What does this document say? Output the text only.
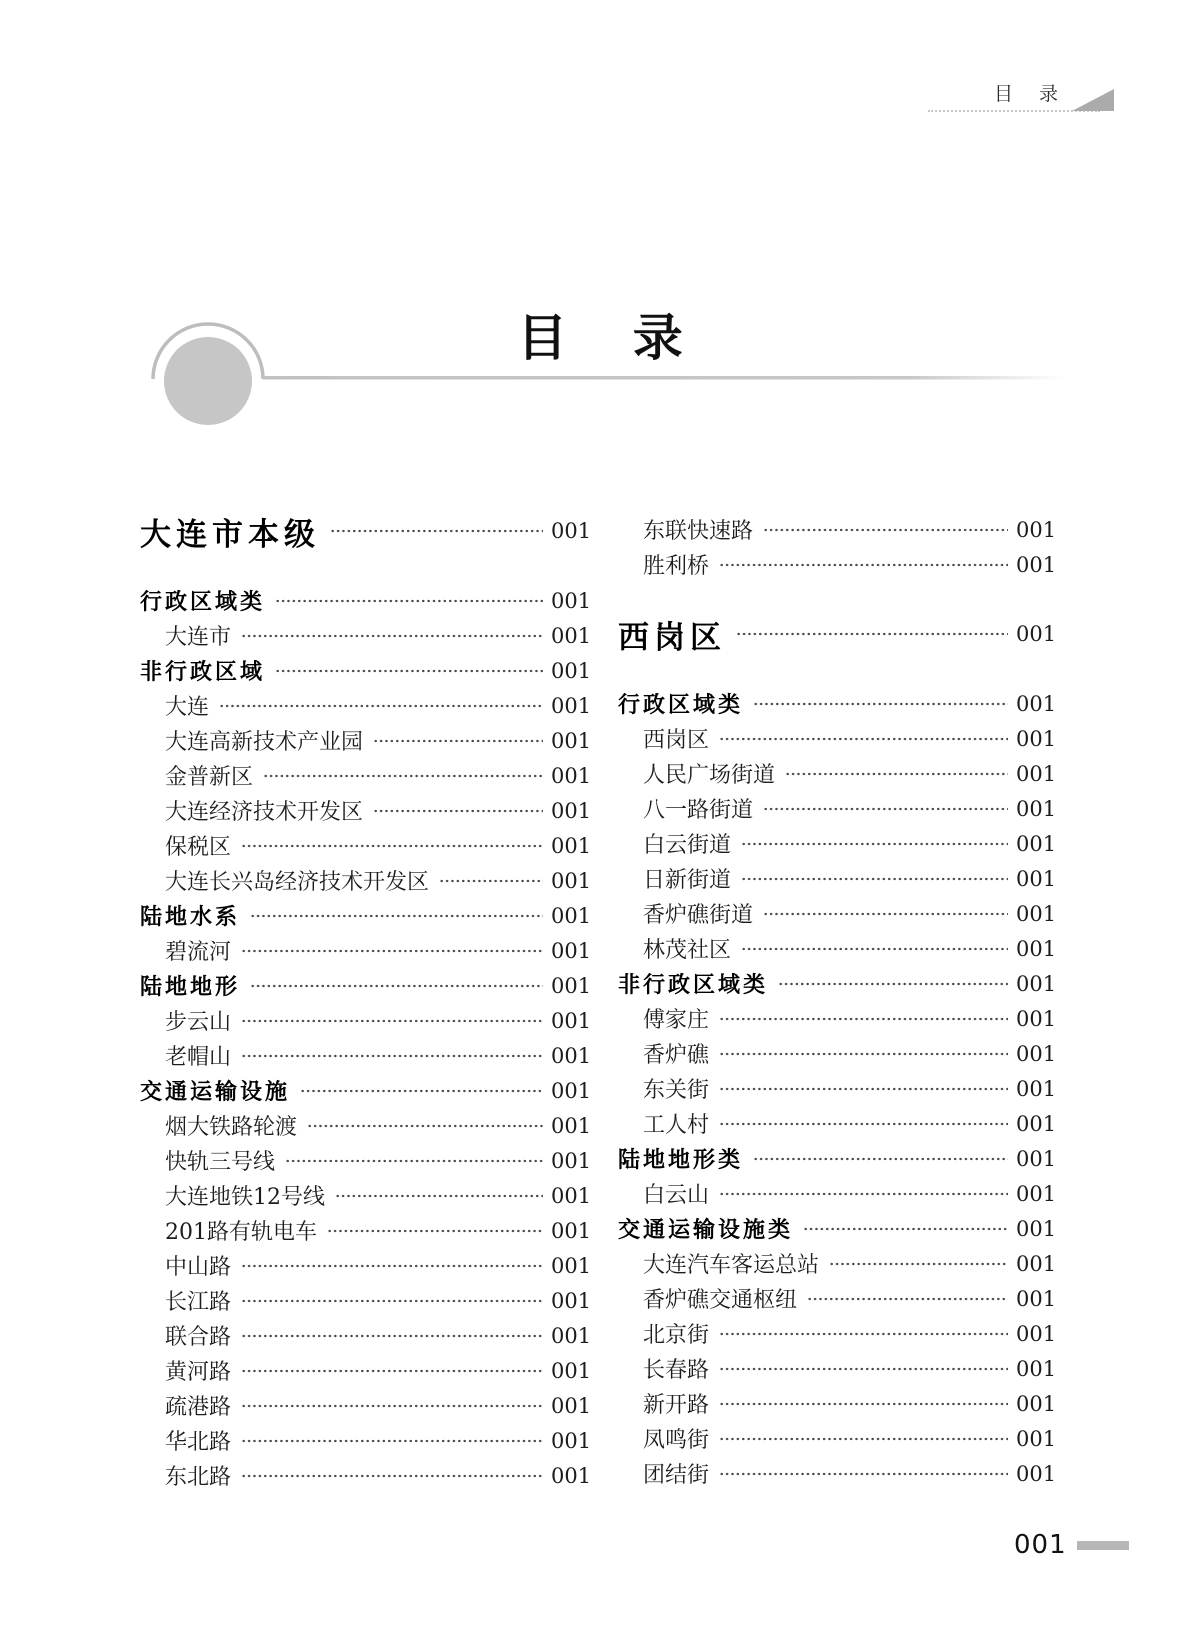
目 录
目 录
大连市本级	001
行政区域类	001
大连市	001
非行政区域	001
大连	001
大连高新技术产业园	001
金普新区	001
大连经济技术开发区	001
保税区	001
大连长兴岛经济技术开发区	001
陆地水系	001
碧流河	001
陆地地形	001
步云山	001
老帽山	001
交通运输设施	001
烟大铁路轮渡	001
快轨三号线	001
大连地铁12号线	001
201路有轨电车	001
中山路	001
长江路	001
联合路	001
黄河路	001
疏港路	001
华北路	001
东北路	001
东联快速路	001
胜利桥	001
西岗区	001
行政区域类	001
西岗区	001
人民广场街道	001
八一路街道	001
白云街道	001
日新街道	001
香炉礁街道	001
林茂社区	001
非行政区域类	001
傅家庄	001
香炉礁	001
东关街	001
工人村	001
陆地地形类	001
白云山	001
交通运输设施类	001
大连汽车客运总站	001
香炉礁交通枢纽	001
北京街	001
长春路	001
新开路	001
凤鸣街	001
团结街	001
001
